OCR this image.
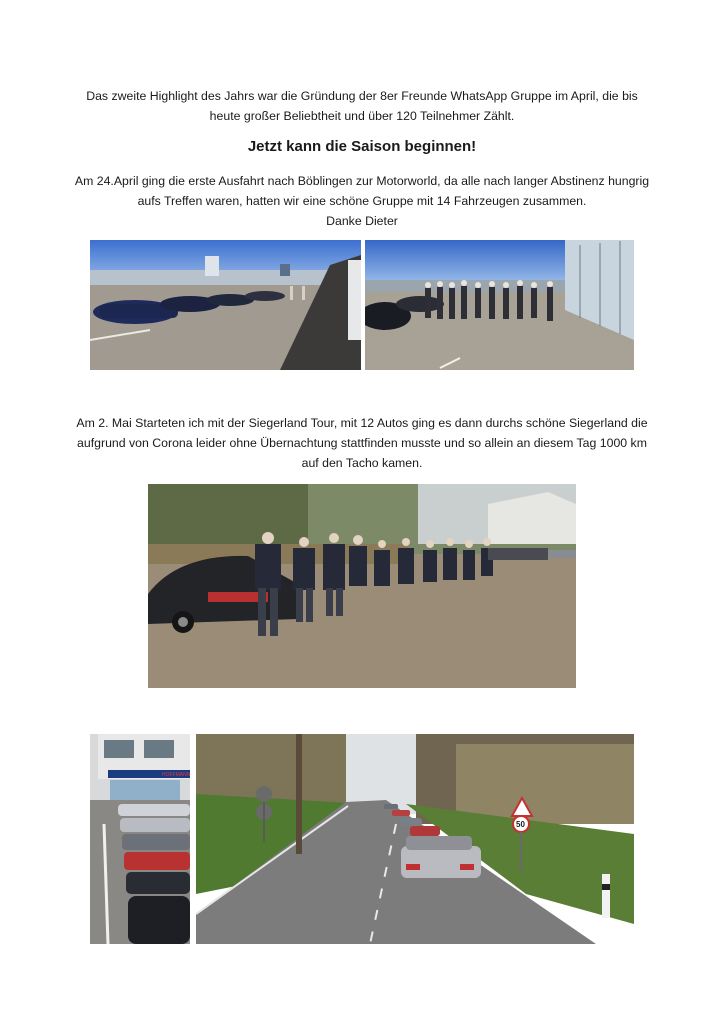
Das zweite Highlight des Jahrs war die Gründung der 8er Freunde WhatsApp Gruppe im April, die bis heute großer Beliebtheit und über 120 Teilnehmer Zählt.
Jetzt kann die Saison beginnen!
Am 24.April ging die erste Ausfahrt nach Böblingen zur Motorworld, da alle nach langer Abstinenz hungrig aufs Treffen waren, hatten wir eine schöne Gruppe mit 14 Fahrzeugen zusammen.
Danke Dieter
Am 2. Mai Starteten ich mit der Siegerland Tour, mit 12 Autos ging es dann durchs schöne Siegerland die aufgrund von Corona leider ohne Übernachtung stattfinden musste und so allein an diesem Tag 1000 km auf den Tacho kamen.
HOFFMANN
50
